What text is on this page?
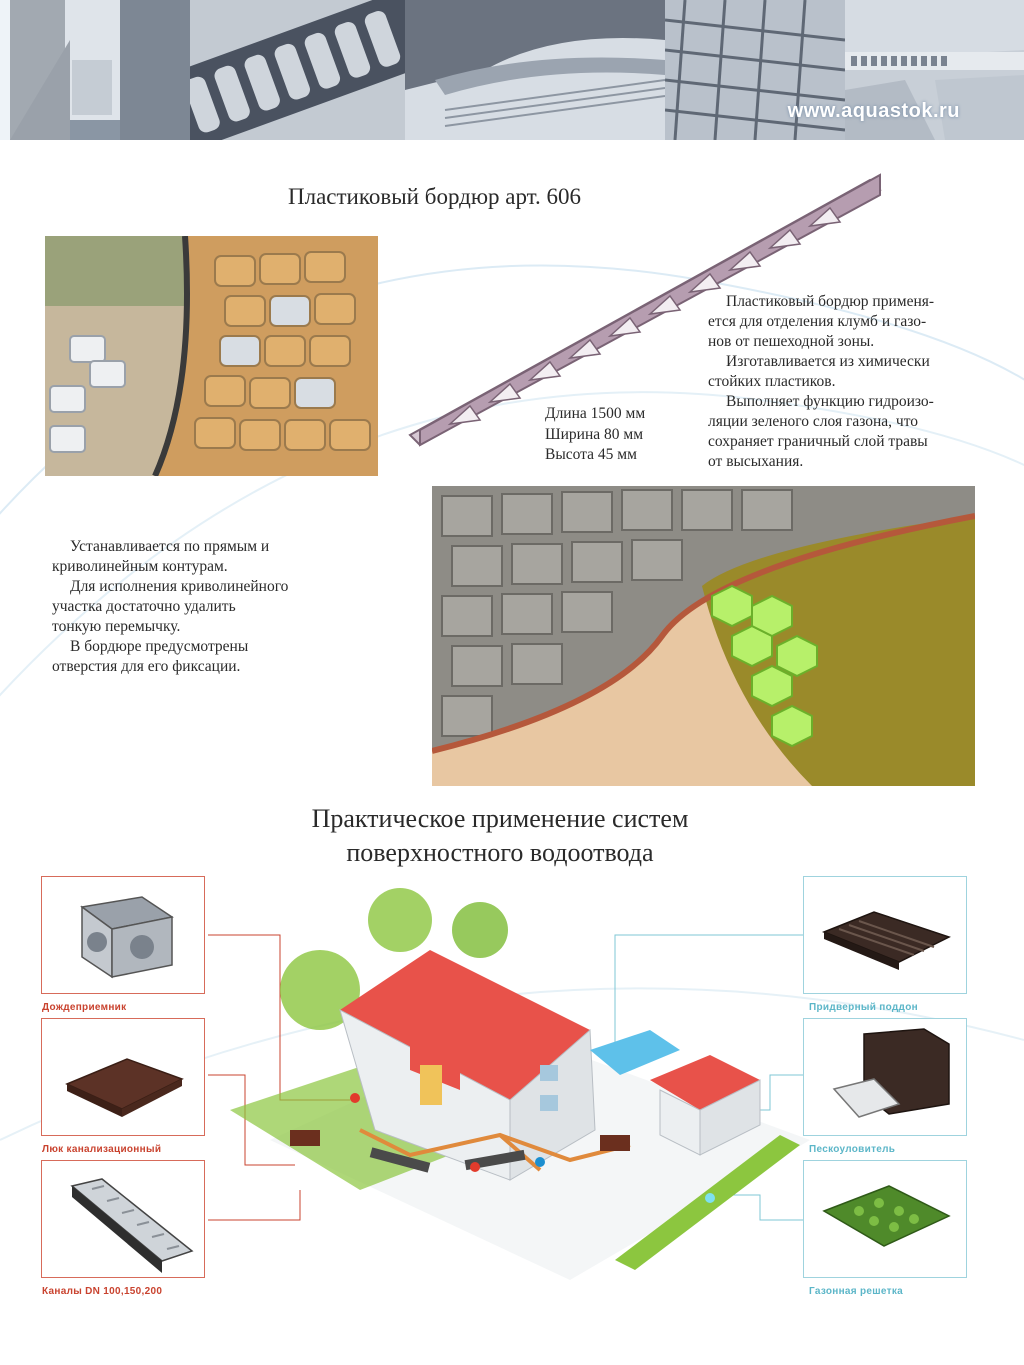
www.aquastok.ru
Пластиковый бордюр арт. 606
Длина 1500 мм
Ширина 80 мм
Высота 45 мм

Пластиковый бордюр применя-

ется для отделения клумб и газо-
нов от пешеходной зоны.

Изготавливается из химически

стойких пластиков.

Выполняет функцию гидроизо-

ляции зеленого слоя газона, что
сохраняет граничный слой травы
от высыхания.

Устанавливается по прямым и

криволинейным контурам.

Для исполнения криволинейного

участка достаточно удалить
тонкую перемычку.

В бордюре предусмотрены

отверстия для его фиксации.
Практическое применение систем
поверхностного водоотвода
Дождеприемник
Люк канализационный
Каналы DN 100,150,200
Придверный поддон
Пескоуловитель
Газонная решетка
